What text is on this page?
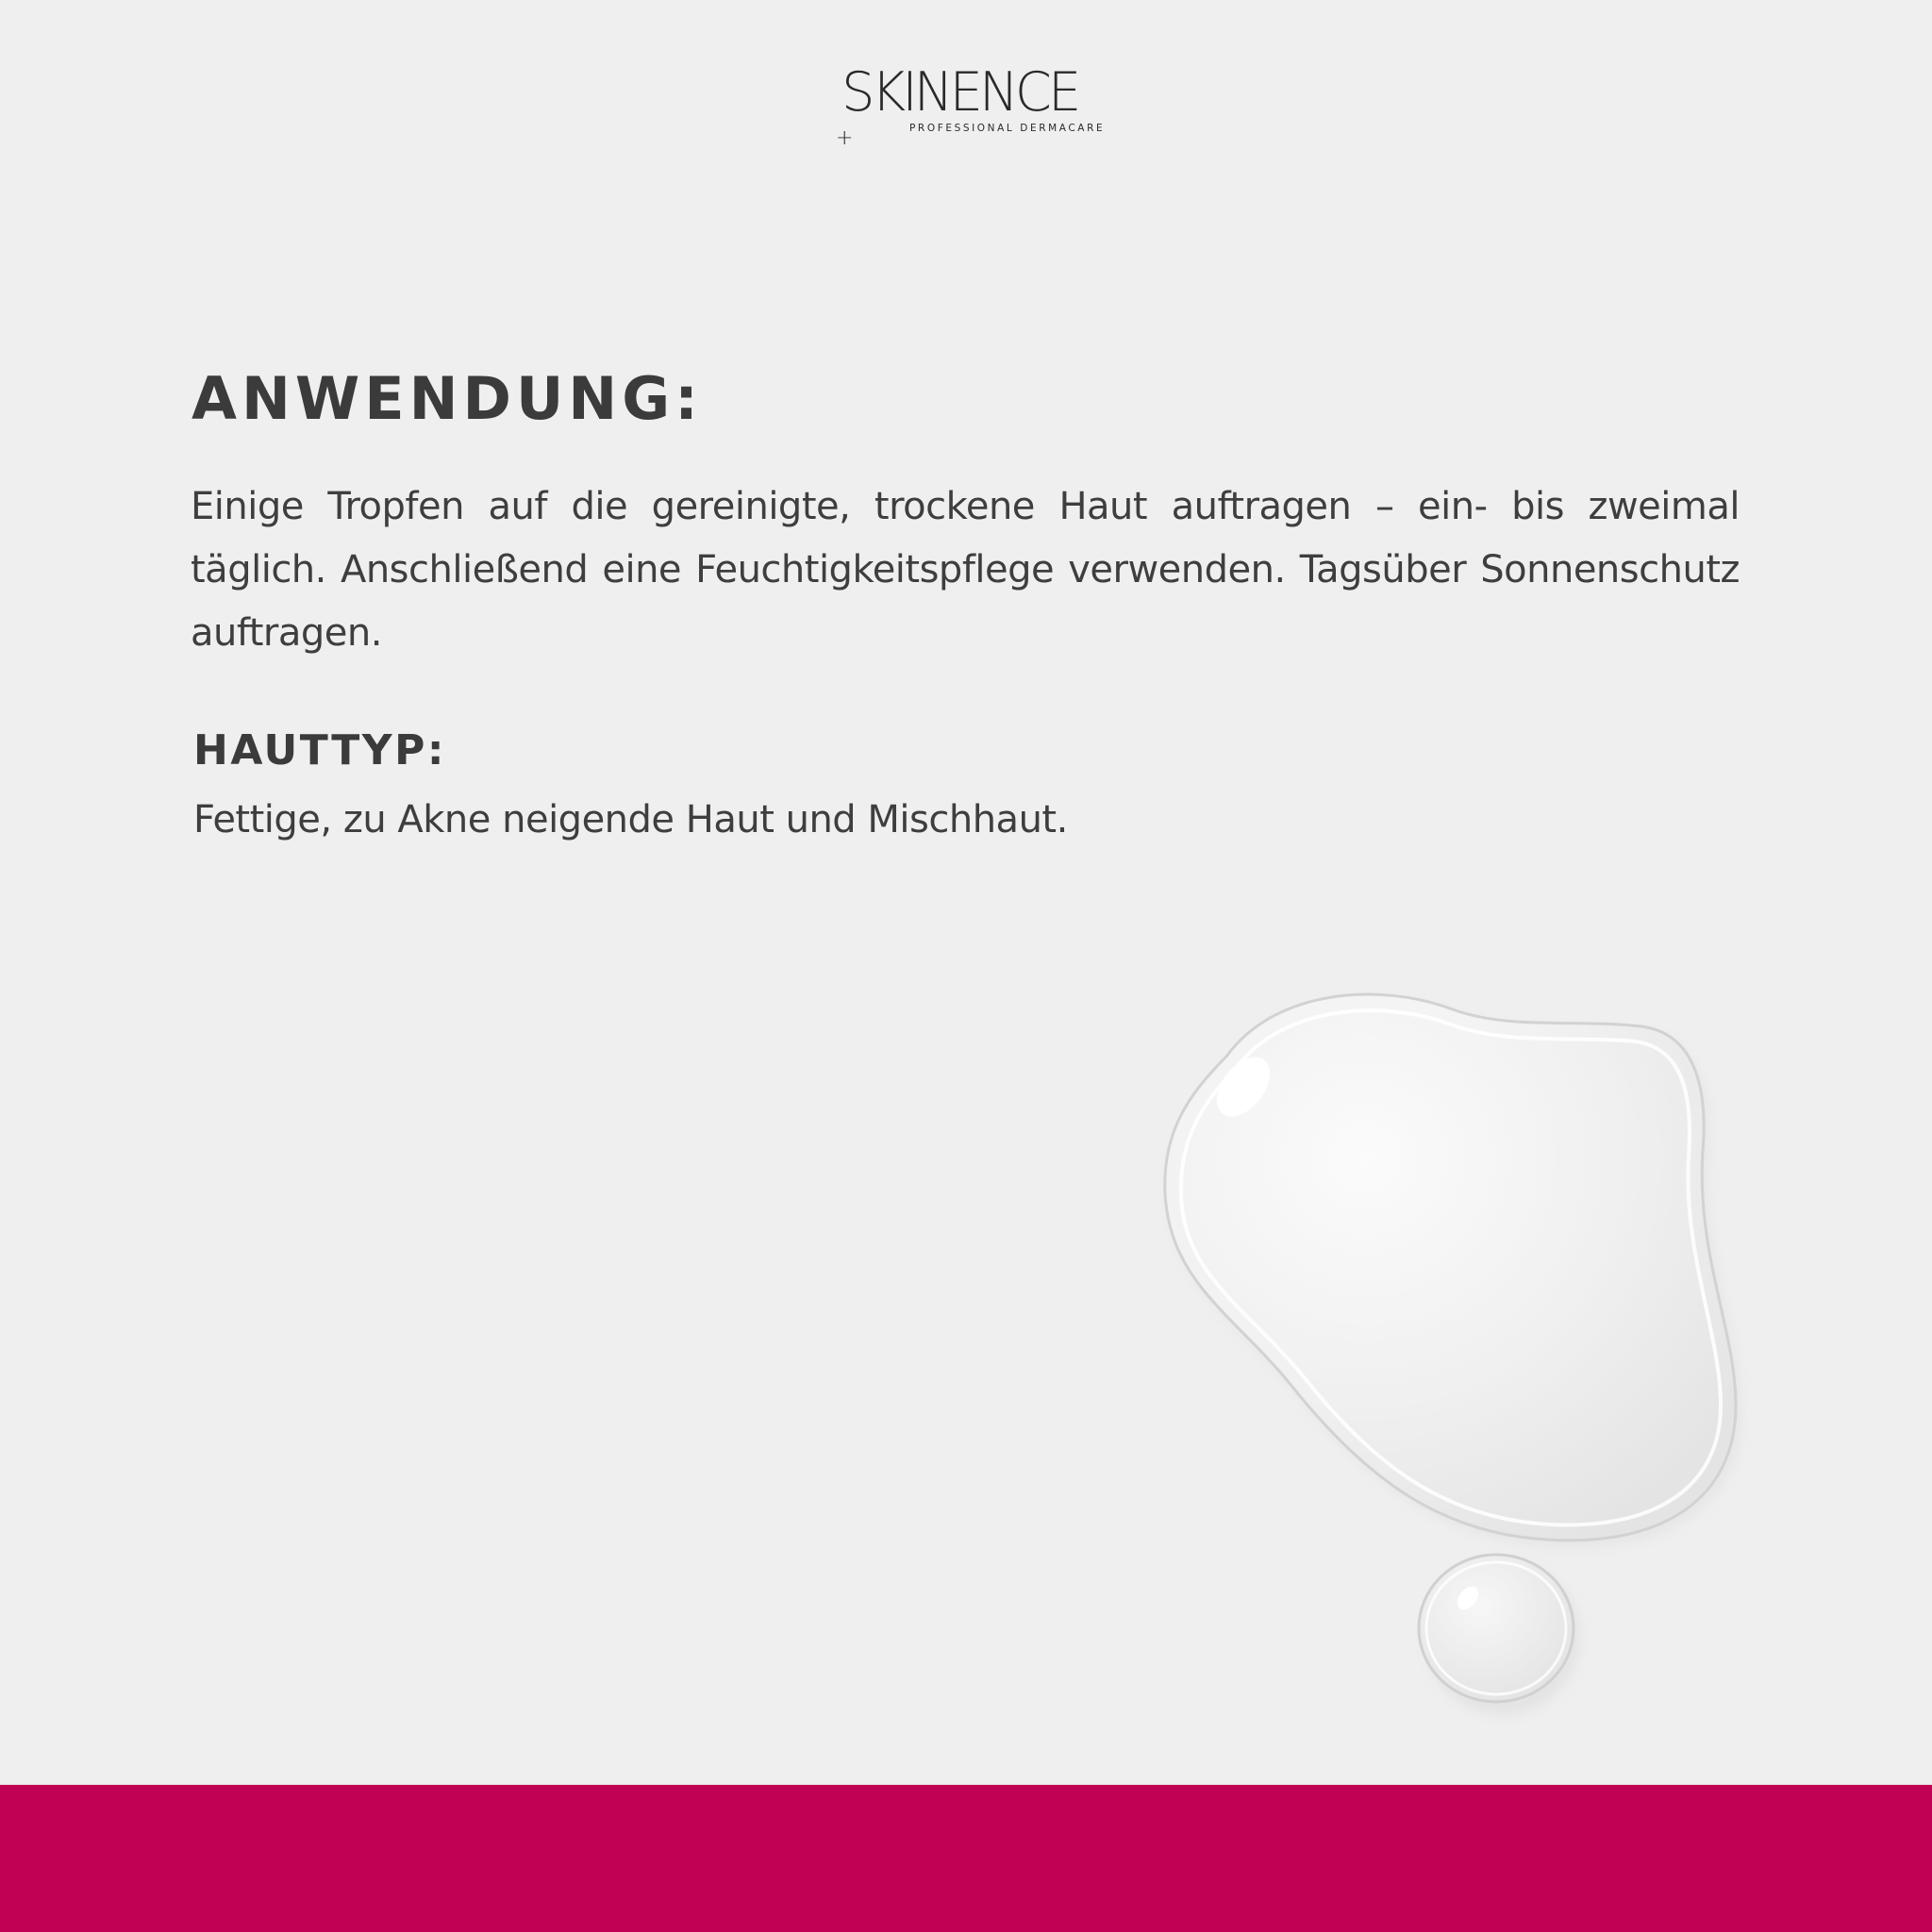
SKINENCE
PROFESSIONAL DERMACARE
+
ANWENDUNG:

Einige Tropfen auf die gereinigte, trockene Haut auftragen – ein- bis zweimal täglich. Anschließend eine Feuchtigkeitspflege verwenden. Tagsüber Sonnenschutz auftragen.

HAUTTYP:

Fettige, zu Akne neigende Haut und Mischhaut.
